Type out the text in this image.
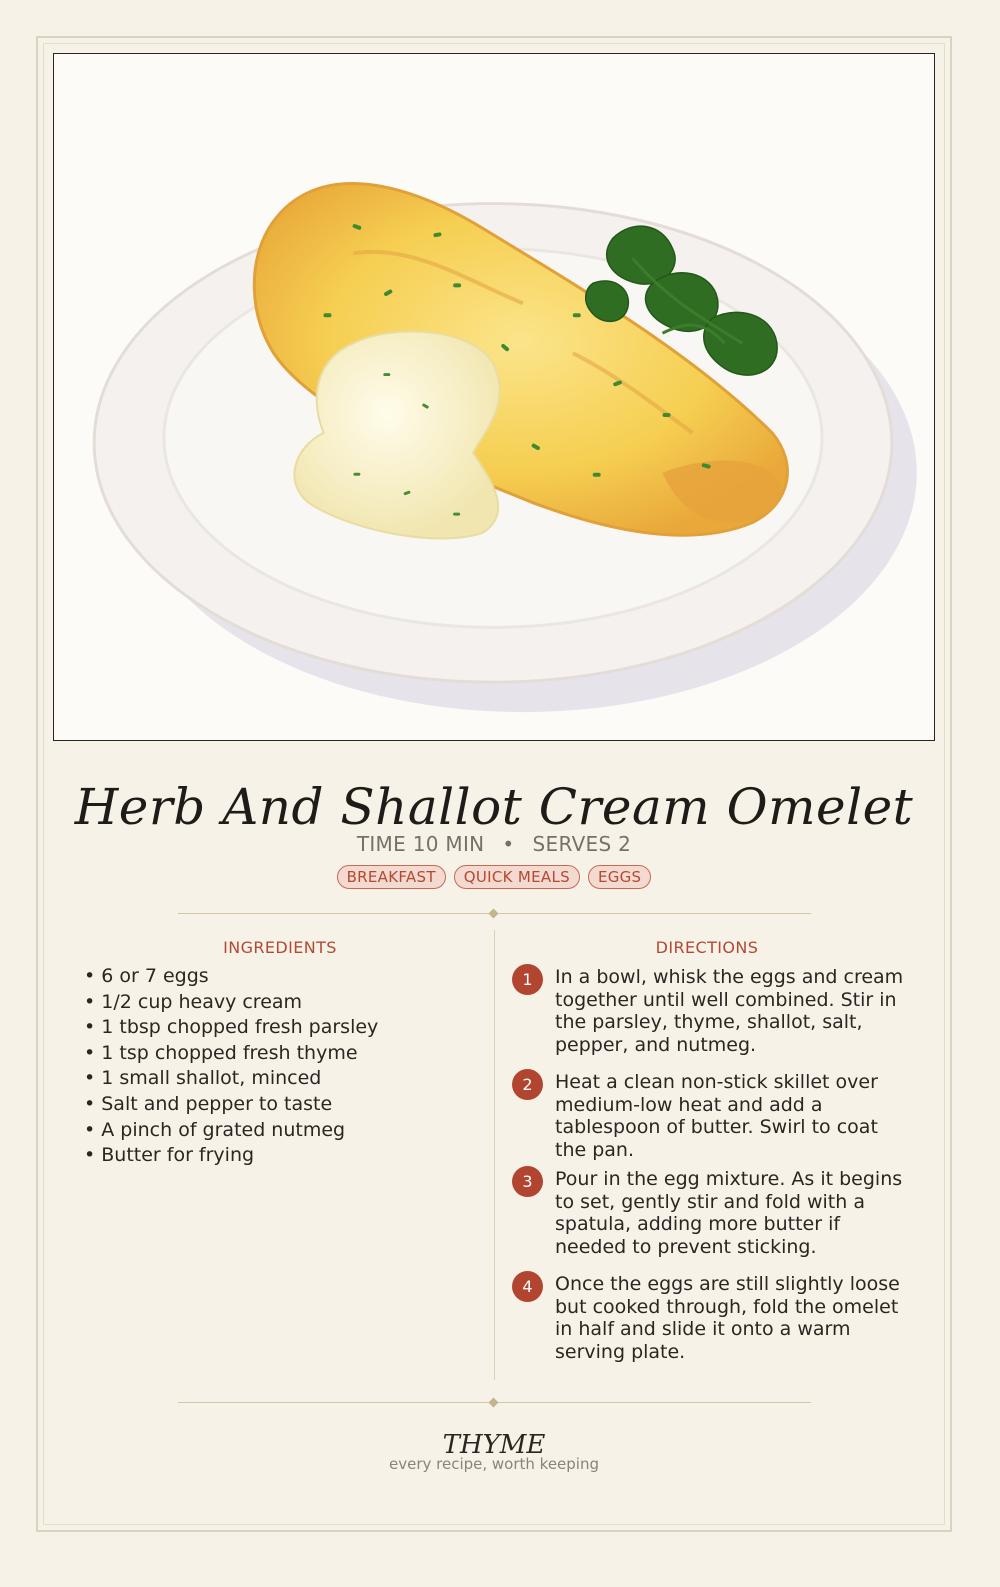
Herb And Shallot Cream Omelet
TIME 10 MIN • SERVES 2
BREAKFAST	QUICK MEALS	EGGS
INGREDIENTS
• 6 or 7 eggs
• 1/2 cup heavy cream
• 1 tbsp chopped fresh parsley
• 1 tsp chopped fresh thyme
• 1 small shallot, minced
• Salt and pepper to taste
• A pinch of grated nutmeg
• Butter for frying
DIRECTIONS
1	In a bowl, whisk the eggs and cream together until well combined. Stir in the parsley, thyme, shallot, salt, pepper, and nutmeg.
2	Heat a clean non-stick skillet over medium-low heat and add a tablespoon of butter. Swirl to coat the pan.
3	Pour in the egg mixture. As it begins to set, gently stir and fold with a spatula, adding more butter if needed to prevent sticking.
4	Once the eggs are still slightly loose but cooked through, fold the omelet in half and slide it onto a warm serving plate.
THYME
every recipe, worth keeping
